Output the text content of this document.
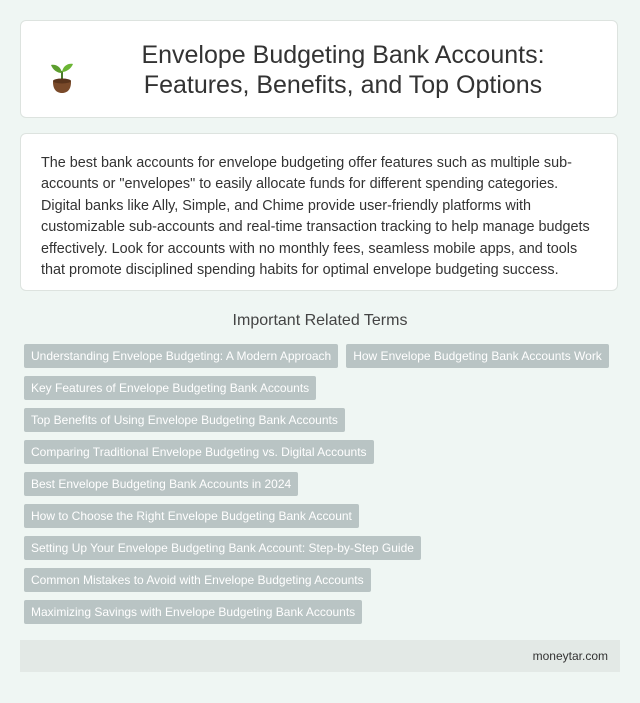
Envelope Budgeting Bank Accounts: Features, Benefits, and Top Options

The best bank accounts for envelope budgeting offer features such as multiple sub-accounts or "envelopes" to easily allocate funds for different spending categories. Digital banks like Ally, Simple, and Chime provide user-friendly platforms with customizable sub-accounts and real-time transaction tracking to help manage budgets effectively. Look for accounts with no monthly fees, seamless mobile apps, and tools that promote disciplined spending habits for optimal envelope budgeting success.

Important Related Terms
Understanding Envelope Budgeting: A Modern Approach	How Envelope Budgeting Bank Accounts Work
Key Features of Envelope Budgeting Bank Accounts
Top Benefits of Using Envelope Budgeting Bank Accounts
Comparing Traditional Envelope Budgeting vs. Digital Accounts
Best Envelope Budgeting Bank Accounts in 2024
How to Choose the Right Envelope Budgeting Bank Account
Setting Up Your Envelope Budgeting Bank Account: Step-by-Step Guide
Common Mistakes to Avoid with Envelope Budgeting Accounts
Maximizing Savings with Envelope Budgeting Bank Accounts
moneytar.com
